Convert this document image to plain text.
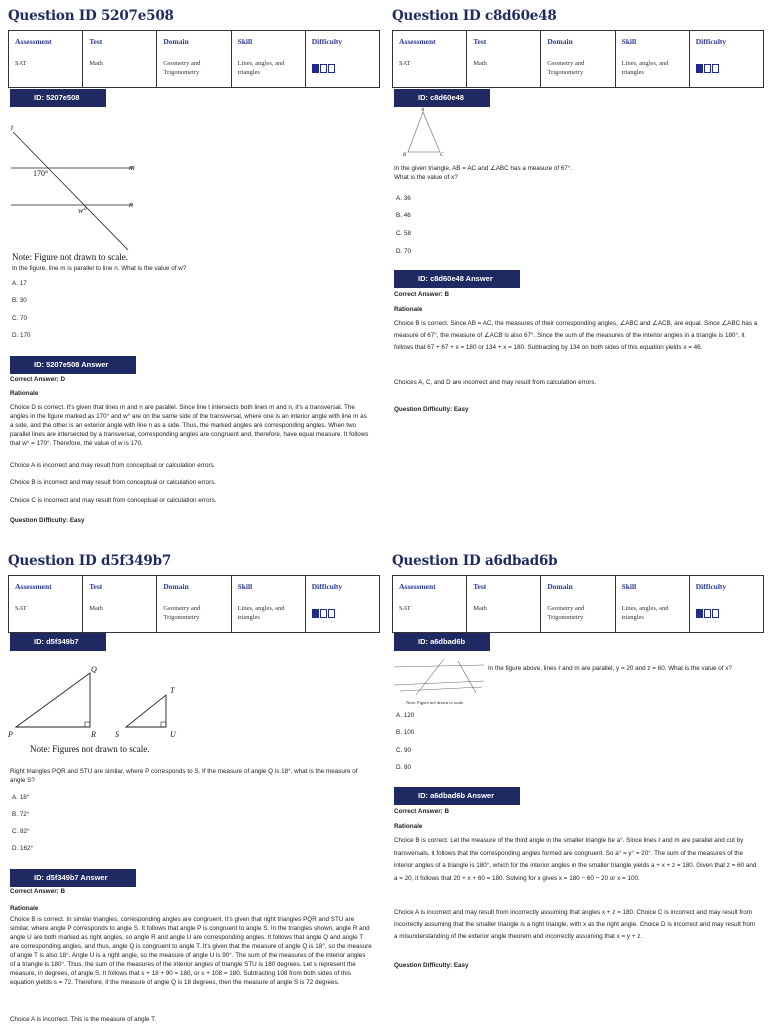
Question ID 5207e508
Assessment
SAT

Test
Math

Domain
Geometry and Trigonometry

Skill
Lines, angles, and triangles

Difficulty
ID: 5207e508
t
m
n
170°
w°
Note: Figure not drawn to scale.
In the figure, line m is parallel to line n. What is the value of w?
A. 17
B. 30
C. 70
D. 170
ID: 5207e508 Answer
Correct Answer: D
Rationale
Choice D is correct. It's given that lines m and n are parallel. Since line t intersects both lines m and n, it's a transversal. The angles in the figure marked as 170° and w° are on the same side of the transversal, where one is an interior angle with line m as a side, and the other is an exterior angle with line n as a side. Thus, the marked angles are corresponding angles. When two parallel lines are intersected by a transversal, corresponding angles are congruent and, therefore, have equal measure. It follows that w° = 170°. Therefore, the value of w is 170.
Choice A is incorrect and may result from conceptual or calculation errors.
Choice B is incorrect and may result from conceptual or calculation errors.
Choice C is incorrect and may result from conceptual or calculation errors.
Question Difficulty: Easy
Question ID c8d60e48
Assessment
SAT

Test
Math

Domain
Geometry and Trigonometry

Skill
Lines, angles, and triangles

Difficulty
ID: c8d60e48
A
B	C
In the given triangle, AB = AC and ∠ABC has a measure of 67°. What is the value of x?
A. 36
B. 46
C. 58
D. 70
ID: c8d60e48 Answer
Correct Answer: B
Rationale
Choice B is correct. Since AB = AC, the measures of their corresponding angles, ∠ABC and ∠ACB, are equal. Since ∠ABC has a measure of 67°, the measure of ∠ACB is also 67°. Since the sum of the measures of the interior angles in a triangle is 180°, it follows that 67 + 67 + x = 180 or 134 + x = 180. Subtracting by 134 on both sides of this equation yields x = 46.
Choices A, C, and D are incorrect and may result from calculation errors.
Question Difficulty: Easy
Question ID d5f349b7
Assessment
SAT

Test
Math

Domain
Geometry and Trigonometry

Skill
Lines, angles, and triangles

Difficulty
ID: d5f349b7
P
Q
R S
T
U
Note: Figures not drawn to scale.
Right triangles PQR and STU are similar, where P corresponds to S. If the measure of angle Q is 18°, what is the measure of angle S?
A. 18°
B. 72°
C. 82°
D. 162°
ID: d5f349b7 Answer
Correct Answer: B
Rationale
Choice B is correct. In similar triangles, corresponding angles are congruent. It's given that right triangles PQR and STU are similar, where angle P corresponds to angle S. It follows that angle P is congruent to angle S. In the triangles shown, angle R and angle U are both marked as right angles, so angle R and angle U are corresponding angles. It follows that angle Q and angle T are corresponding angles, and thus, angle Q is congruent to angle T. It's given that the measure of angle Q is 18°, so the measure of angle T is also 18°. Angle U is a right angle, so the measure of angle U is 90°. The sum of the measures of the interior angles of a triangle is 180°. Thus, the sum of the measures of the interior angles of triangle STU is 180 degrees. Let s represent the measure, in degrees, of angle S. It follows that s + 18 + 90 = 180, or s + 108 = 180. Subtracting 108 from both sides of this equation yields s = 72. Therefore, if the measure of angle Q is 18 degrees, then the measure of angle S is 72 degrees.
Choice A is incorrect. This is the measure of angle T.
Question ID a6dbad6b
Assessment
SAT

Test
Math

Domain
Geometry and Trigonometry

Skill
Lines, angles, and triangles

Difficulty
ID: a6dbad6b
Note: Figure not drawn to scale.
In the figure above, lines ℓ and m are parallel, y = 20 and z = 60. What is the value of x?
A. 120
B. 100
C. 90
D. 80
ID: a6dbad6b Answer
Correct Answer: B
Rationale
Choice B is correct. Let the measure of the third angle in the smaller triangle be a°. Since lines ℓ and m are parallel and cut by transversals, it follows that the corresponding angles formed are congruent. So a° = y° = 20°. The sum of the measures of the interior angles of a triangle is 180°, which for the interior angles in the smaller triangle yields a + x + z = 180. Given that z = 60 and a = 20, it follows that 20 + x + 60 = 180. Solving for x gives x = 180 − 60 − 20 or x = 100.
Choice A is incorrect and may result from incorrectly assuming that angles x + z = 180. Choice C is incorrect and may result from incorrectly assuming that the smaller triangle is a right triangle, with x as the right angle. Choice D is incorrect and may result from a misunderstanding of the exterior angle theorem and incorrectly assuming that x = y + z.
Question Difficulty: Easy
